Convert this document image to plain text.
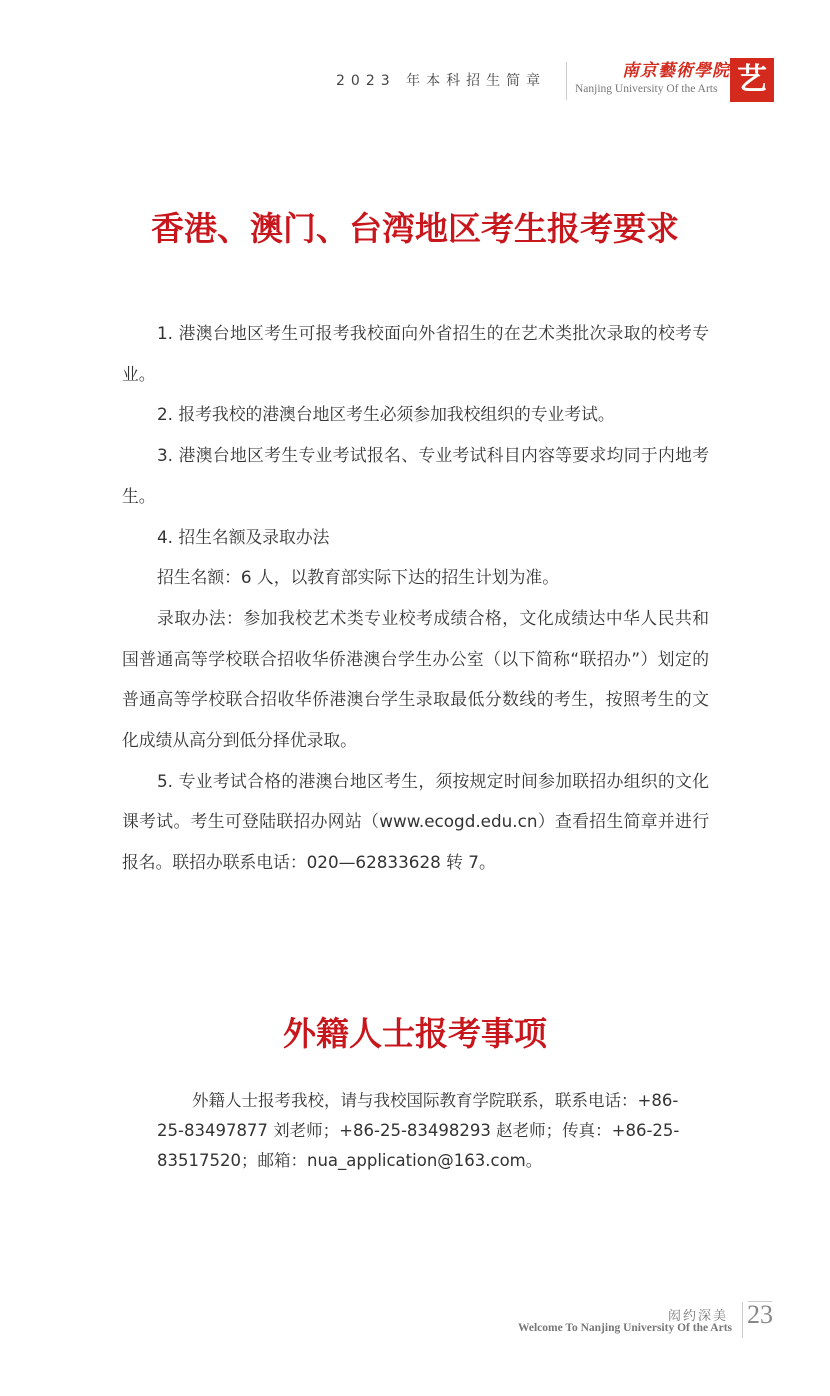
2023 年本科招生简章	南京藝術學院
Nanjing University Of the Arts 艺
香港、澳门、台湾地区考生报考要求

1. 港澳台地区考生可报考我校面向外省招生的在艺术类批次录取的校考专业。

2. 报考我校的港澳台地区考生必须参加我校组织的专业考试。

3. 港澳台地区考生专业考试报名、专业考试科目内容等要求均同于内地考生。

4. 招生名额及录取办法

招生名额：6 人，以教育部实际下达的招生计划为准。

录取办法：参加我校艺术类专业校考成绩合格，文化成绩达中华人民共和国普通高等学校联合招收华侨港澳台学生办公室（以下简称“联招办”）划定的普通高等学校联合招收华侨港澳台学生录取最低分数线的考生，按照考生的文化成绩从高分到低分择优录取。

5. 专业考试合格的港澳台地区考生，须按规定时间参加联招办组织的文化课考试。考生可登陆联招办网站（www.ecogd.edu.cn）查看招生简章并进行报名。联招办联系电话：020—62833628 转 7。

外籍人士报考事项

外籍人士报考我校，请与我校国际教育学院联系，联系电话：+86-25-83497877 刘老师；+86-25-83498293 赵老师；传真：+86-25-83517520；邮箱：nua_application@163.com。

闳约深美
Welcome To Nanjing University Of the Arts 23
